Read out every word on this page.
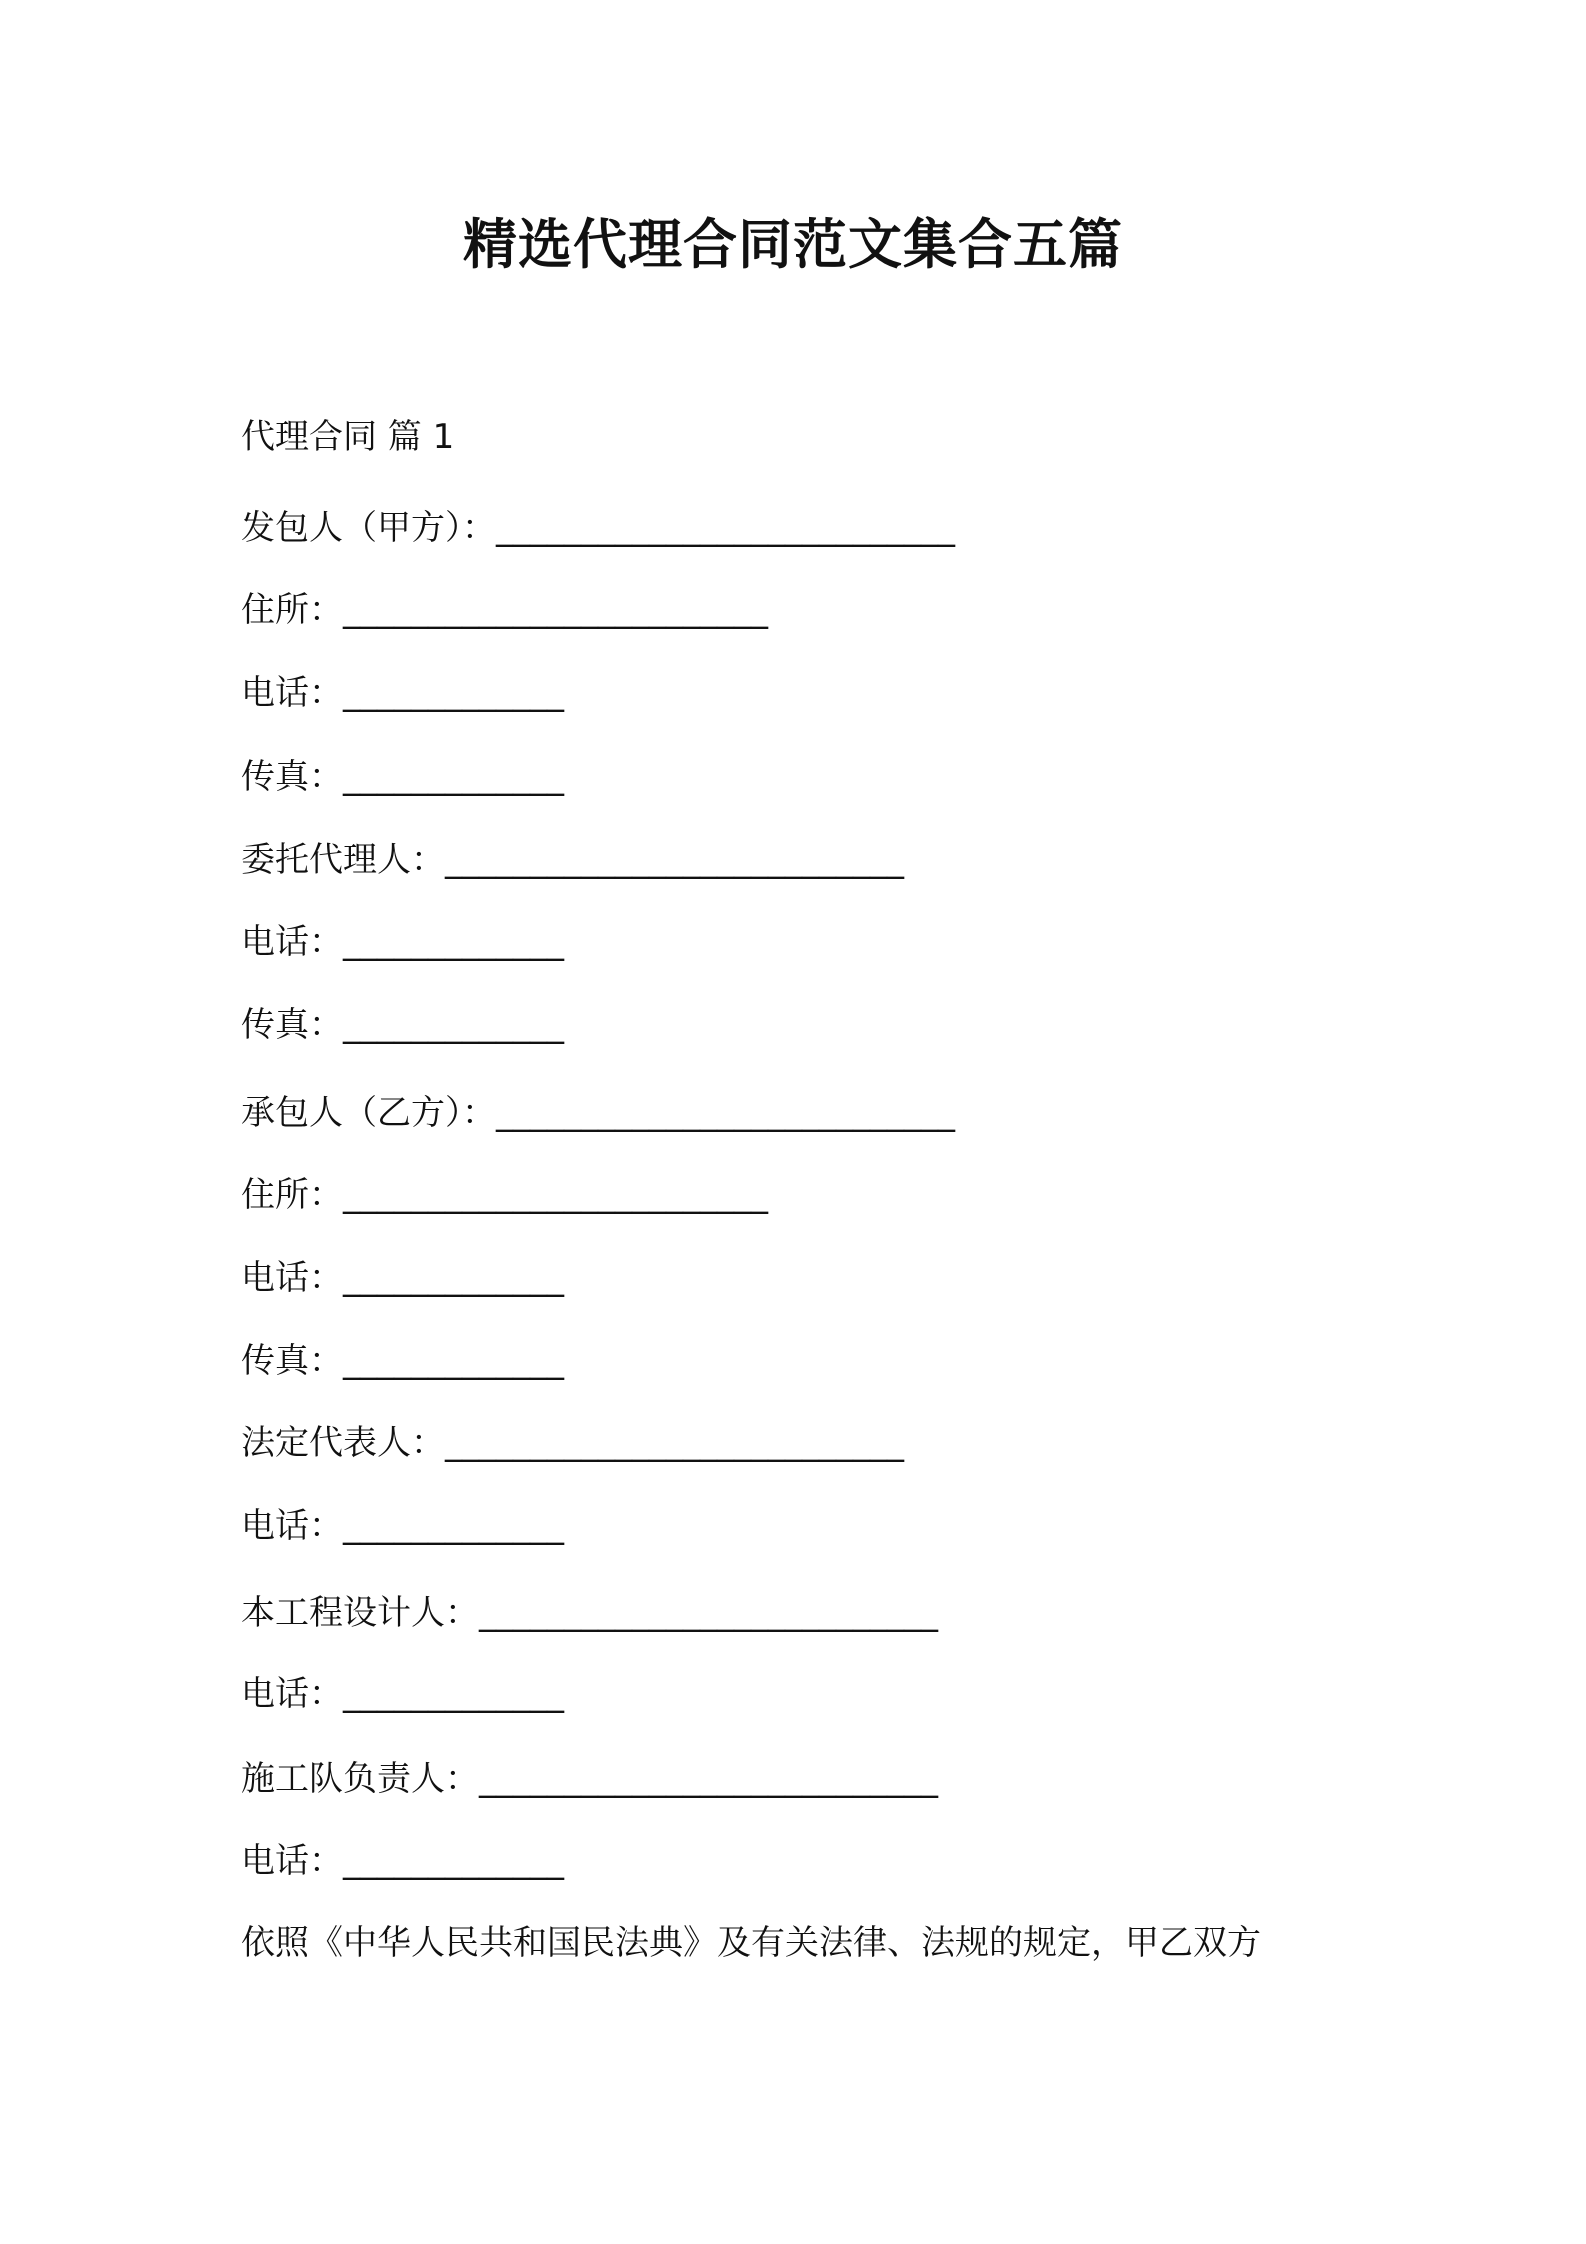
精选代理合同范文集合五篇
代理合同 篇 1
发包人（甲方）：___________________________
住所：_________________________
电话：_____________
传真：_____________
委托代理人：___________________________
电话：_____________
传真：_____________
承包人（乙方）：___________________________
住所：_________________________
电话：_____________
传真：_____________
法定代表人：___________________________
电话：_____________
本工程设计人：___________________________
电话：_____________
施工队负责人：___________________________
电话：_____________
依照《中华人民共和国民法典》及有关法律、法规的规定，甲乙双方
